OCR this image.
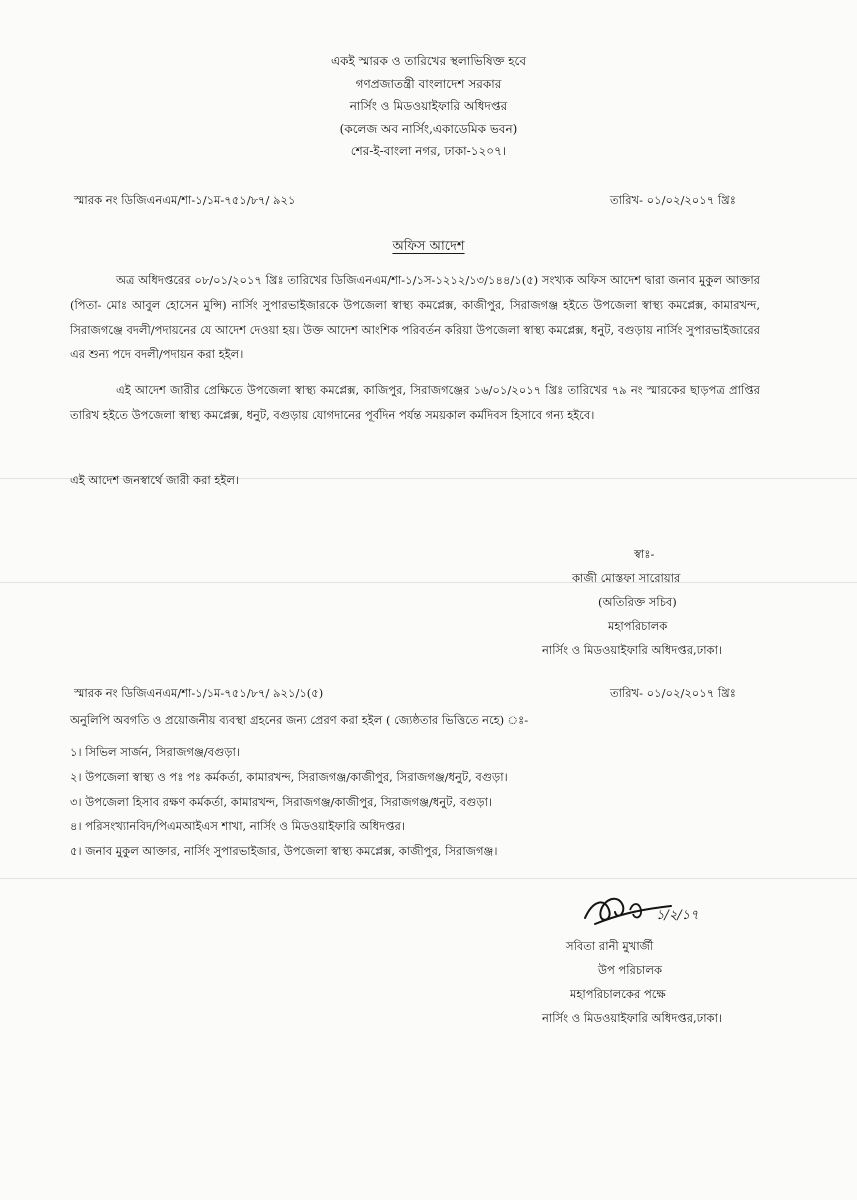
একই স্মারক ও তারিখের স্থলাভিষিক্ত হবে
গণপ্রজাতন্ত্রী বাংলাদেশ সরকার
নার্সিং ও মিডওয়াইফারি অধিদপ্তর
(কলেজ অব নার্সিং,একাডেমিক ভবন)
শের-ই-বাংলা নগর, ঢাকা-১২০৭।
স্মারক নং ডিজিএনএম/শা-১/১ম-৭৫১/৮৭/ ৯২১	তারিখ- ০১/০২/২০১৭ খ্রিঃ
অফিস আদেশ
অত্র অধিদপ্তরের ০৮/০১/২০১৭ খ্রিঃ তারিখের ডিজিএনএম/শা-১/১স-১২১২/১৩/১৪৪/১(৫) সংখ্যক অফিস আদেশ দ্বারা জনাব মুকুল আক্তার (পিতা- মোঃ আবুল হোসেন মুন্সি) নার্সিং সুপারভাইজারকে উপজেলা স্বাস্থ্য কমপ্লেক্স, কাজীপুর, সিরাজগঞ্জ হইতে উপজেলা স্বাস্থ্য কমপ্লেক্স, কামারখন্দ, সিরাজগঞ্জে বদলী/পদায়নের যে আদেশ দেওয়া হয়। উক্ত আদেশ আংশিক পরিবর্তন করিয়া উপজেলা স্বাস্থ্য কমপ্লেক্স, ধনুট, বগুড়ায় নার্সিং সুপারভাইজারের এর শুন্য পদে বদলী/পদায়ন করা হইল।
এই আদেশ জারীর প্রেক্ষিতে উপজেলা স্বাস্থ্য কমপ্লেক্স, কাজিপুর, সিরাজগঞ্জের ১৬/০১/২০১৭ খ্রিঃ তারিখের ৭৯ নং স্মারকের ছাড়পত্র প্রাপ্তির তারিখ হইতে উপজেলা স্বাস্থ্য কমপ্লেক্স, ধনুট, বগুড়ায় যোগদানের পূর্বদিন পর্যন্ত সময়কাল কর্মদিবস হিসাবে গন্য হইবে।
এই আদেশ জনস্বার্থে জারী করা হইল।
স্বাঃ-
কাজী মোস্তফা সারোয়ার
(অতিরিক্ত সচিব)
মহাপরিচালক
নার্সিং ও মিডওয়াইফারি অধিদপ্তর,ঢাকা।
স্মারক নং ডিজিএনএম/শা-১/১ম-৭৫১/৮৭/ ৯২১/১(৫)	তারিখ- ০১/০২/২০১৭ খ্রিঃ
অনুলিপি অবগতি ও প্রয়োজনীয় ব্যবস্থা গ্রহনের জন্য প্রেরণ করা হইল ( জ্যেষ্ঠতার ভিত্তিতে নহে) ঃ-
১। সিভিল সার্জন, সিরাজগঞ্জ/বগুড়া।
২। উপজেলা স্বাস্থ্য ও পঃ পঃ কর্মকর্তা, কামারখন্দ, সিরাজগঞ্জ/কাজীপুর, সিরাজগঞ্জ/ধনুট, বগুড়া।
৩। উপজেলা হিসাব রক্ষণ কর্মকর্তা, কামারখন্দ, সিরাজগঞ্জ/কাজীপুর, সিরাজগঞ্জ/ধনুট, বগুড়া।
৪। পরিসংখ্যানবিদ/পিএমআইএস শাখা, নার্সিং ও মিডওয়াইফারি অধিদপ্তর।
৫। জনাব মুকুল আক্তার, নার্সিং সুপারভাইজার, উপজেলা স্বাস্থ্য কমপ্লেক্স, কাজীপুর, সিরাজগঞ্জ।
১/২/১৭
সবিতা রানী মুখার্জী
উপ পরিচালক
মহাপরিচালকের পক্ষে
নার্সিং ও মিডওয়াইফারি অধিদপ্তর,ঢাকা।
